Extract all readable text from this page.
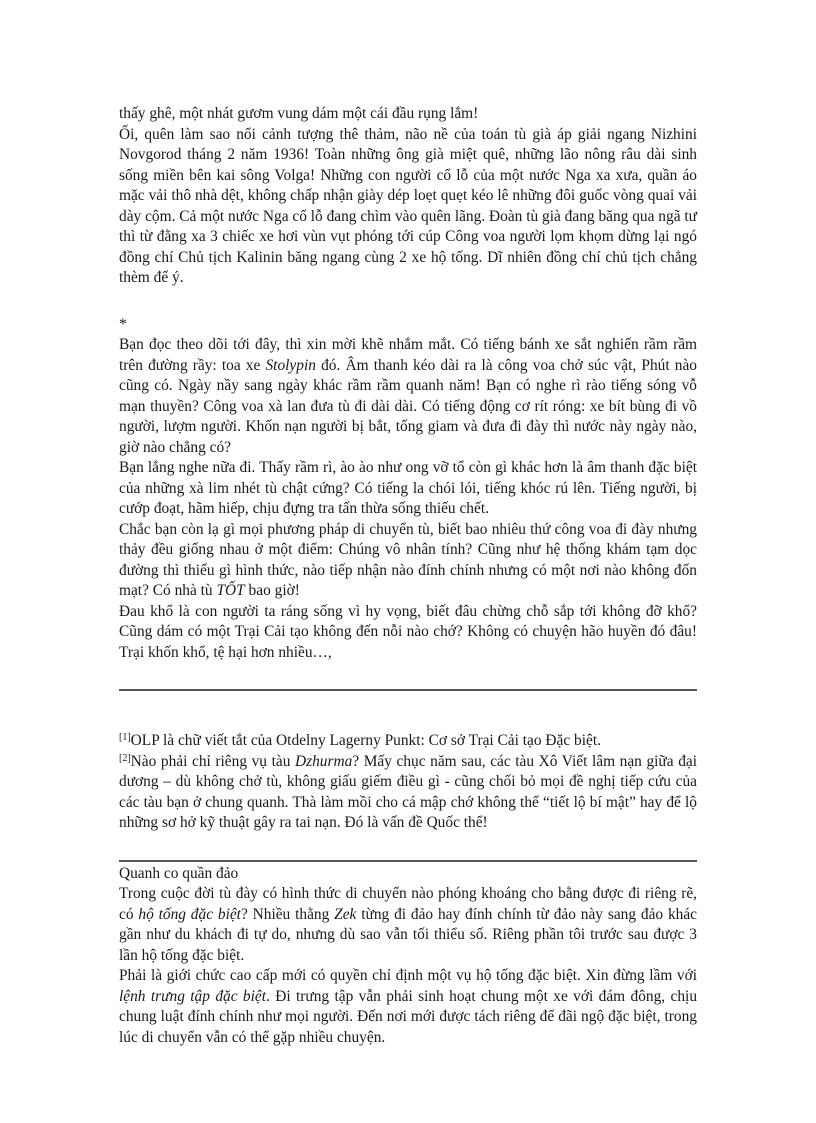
thấy ghê, một nhát gươm vung dám một cái đầu rụng lắm!

Ối, quên làm sao nổi cảnh tượng thê thảm, não nề của toán tù già áp giải ngang Nizhini Novgorod tháng 2 năm 1936! Toàn những ông già miệt quê, những lão nông râu dài sinh sống miền bên kai sông Volga! Những con người cổ lỗ của một nước Nga xa xưa, quần áo mặc vải thô nhà dệt, không chấp nhận giày dép loẹt quẹt kéo lê những đôi guốc vòng quai vải dày cộm. Cả một nước Nga cổ lỗ đang chìm vào quên lãng. Đoàn tù già đang băng qua ngã tư thì từ đằng xa 3 chiếc xe hơi vùn vụt phóng tới cúp Công voa người lọm khọm dừng lại ngó đồng chí Chủ tịch Kalinin băng ngang cùng 2 xe hộ tống. Dĩ nhiên đồng chí chủ tịch chẳng thèm để ý.

*

Bạn đọc theo dõi tới đây, thì xin mời khẽ nhắm mắt. Có tiếng bánh xe sắt nghiến rầm rầm trên đường rầy: toa xe Stolypin đó. Âm thanh kéo dài ra là công voa chở súc vật, Phút nào cũng có. Ngày nầy sang ngày khác rầm rầm quanh năm! Bạn có nghe rì rào tiếng sóng vỗ mạn thuyền? Công voa xà lan đưa tù đi dài dài. Có tiếng động cơ rít róng: xe bít bùng đi vồ người, lượm người. Khốn nạn người bị bắt, tống giam và đưa đi đày thì nước này ngày nào, giờ nào chẳng có?

Bạn lắng nghe nữa đi. Thấy rầm rì, ào ào như ong vỡ tổ còn gì khác hơn là âm thanh đặc biệt của những xà lim nhét tù chật cứng? Có tiếng la chói lói, tiếng khóc rú lên. Tiếng người, bị cướp đoạt, hãm hiếp, chịu đựng tra tấn thừa sống thiếu chết.

Chắc bạn còn lạ gì mọi phương pháp di chuyển tù, biết bao nhiêu thứ công voa đi đày nhưng thảy đều giống nhau ở một điểm: Chúng vô nhân tính? Cũng như hệ thống khám tạm dọc đường thì thiếu gì hình thức, nào tiếp nhận nào đính chính nhưng có một nơi nào không đốn mạt? Có nhà tù TỐT bao giờ!

Đau khổ là con người ta ráng sống vì hy vọng, biết đâu chừng chỗ sắp tới không đỡ khổ? Cũng dám có một Trại Cải tạo không đến nỗi nào chớ? Không có chuyện hão huyền đó đâu! Trại khốn khổ, tệ hại hơn nhiều…,

[1]OLP là chữ viết tắt của Otdelny Lagerny Punkt: Cơ sở Trại Cải tạo Đặc biệt.

[2]Nào phải chỉ riêng vụ tàu Dzhurma? Mấy chục năm sau, các tàu Xô Viết lâm nạn giữa đại dương – dù không chở tù, không giấu giếm điều gì - cũng chối bỏ mọi đề nghị tiếp cứu của các tàu bạn ở chung quanh. Thà làm mồi cho cá mập chớ không thể “tiết lộ bí mật” hay để lộ những sơ hở kỹ thuật gây ra tai nạn. Đó là vấn đề Quốc thể!

Quanh co quần đảo

Trong cuộc đời tù đày có hình thức di chuyển nào phóng khoáng cho bằng được đi riêng rẽ, có hộ tống đặc biệt? Nhiều thằng Zek từng đi đảo hay đính chính từ đảo này sang đảo khác gần như du khách đi tự do, nhưng dù sao vẫn tối thiểu số. Riêng phần tôi trước sau được 3 lần hộ tống đặc biệt.

Phải là giới chức cao cấp mới có quyền chỉ định một vụ hộ tống đặc biệt. Xin đừng lầm với lệnh trưng tập đặc biệt. Đi trưng tập vẫn phải sinh hoạt chung một xe với đám đông, chịu chung luật đính chính như mọi người. Đến nơi mới được tách riêng để đãi ngộ đặc biệt, trong lúc di chuyển vẫn có thể gặp nhiều chuyện.
